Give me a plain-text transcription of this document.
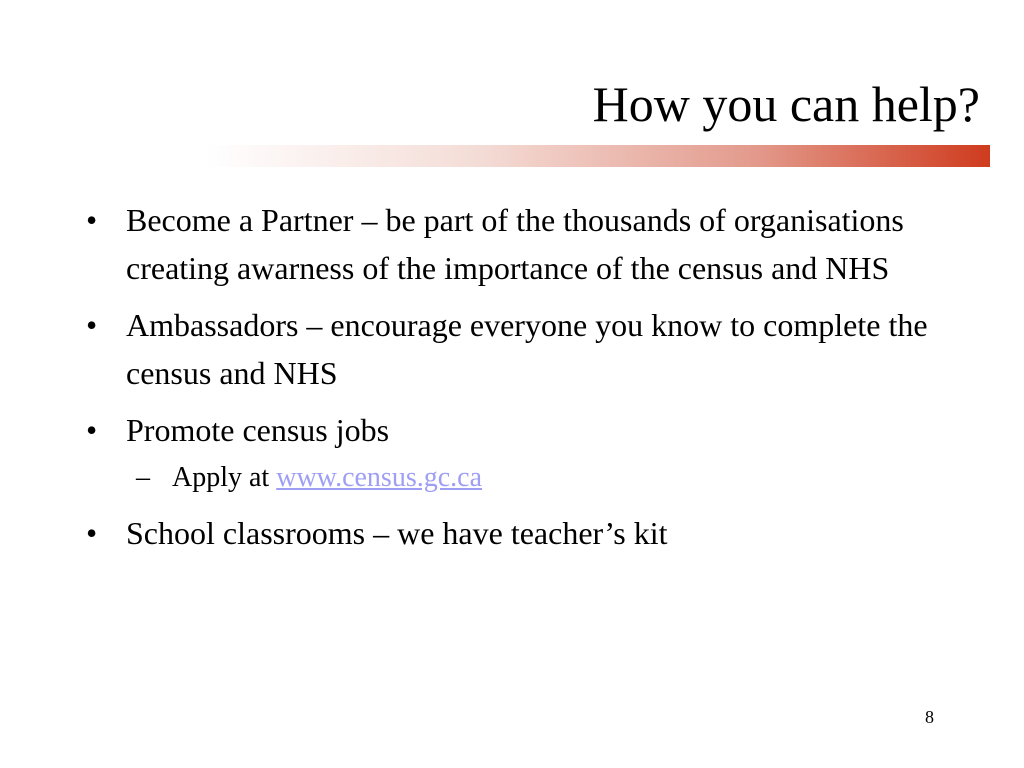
How you can help?
• Become a Partner – be part of the thousands of organisations creating awarness of the importance of the census and NHS
• Ambassadors – encourage everyone you know to complete the census and NHS
• Promote census jobs
– Apply at www.census.gc.ca
• School classrooms – we have teacher’s kit
8
